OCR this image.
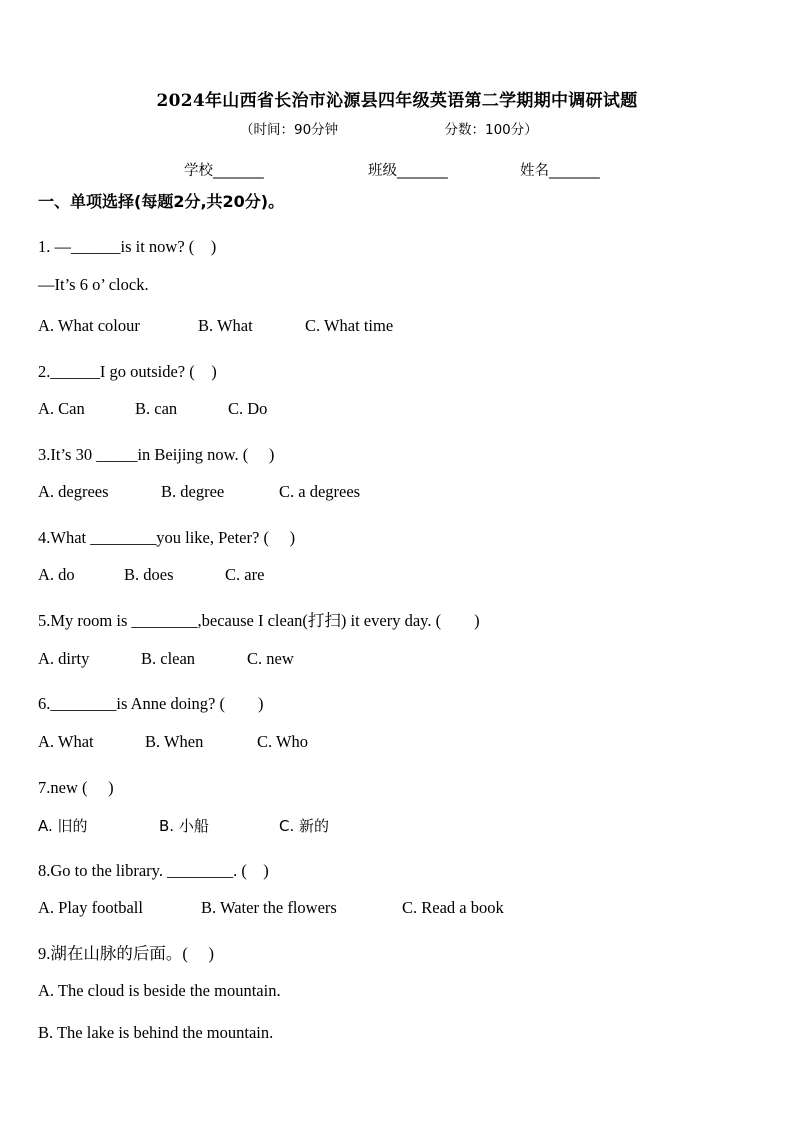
2024年山西省长治市沁源县四年级英语第二学期期中调研试题
（时间：90分钟	分数：100分）
学校_______	班级_______	姓名_______
一、单项选择(每题2分,共20分)。
1. —______is it now? (　)
—It’s 6 o’ clock.
A. What colour	B. What	C. What time
2.______I go outside? (　)
A. Can	B. can	C. Do
3.It’s 30 _____in Beijing now. (　 )
A. degrees	B. degree	C. a degrees
4.What ________you like, Peter? (　 )
A. do	B. does	C. are
5.My room is ________,because I clean(打扫) it every day. (　　)
A. dirty	B. clean	C. new
6.________is Anne doing? (　　)
A. What	B. When	C. Who
7.new (　 )
A. 旧的	B. 小船	C. 新的
8.Go to the library. ________. (　)
A. Play football	B. Water the flowers	C. Read a book
9.湖在山脉的后面。(　 )
A. The cloud is beside the mountain.
B. The lake is behind the mountain.
